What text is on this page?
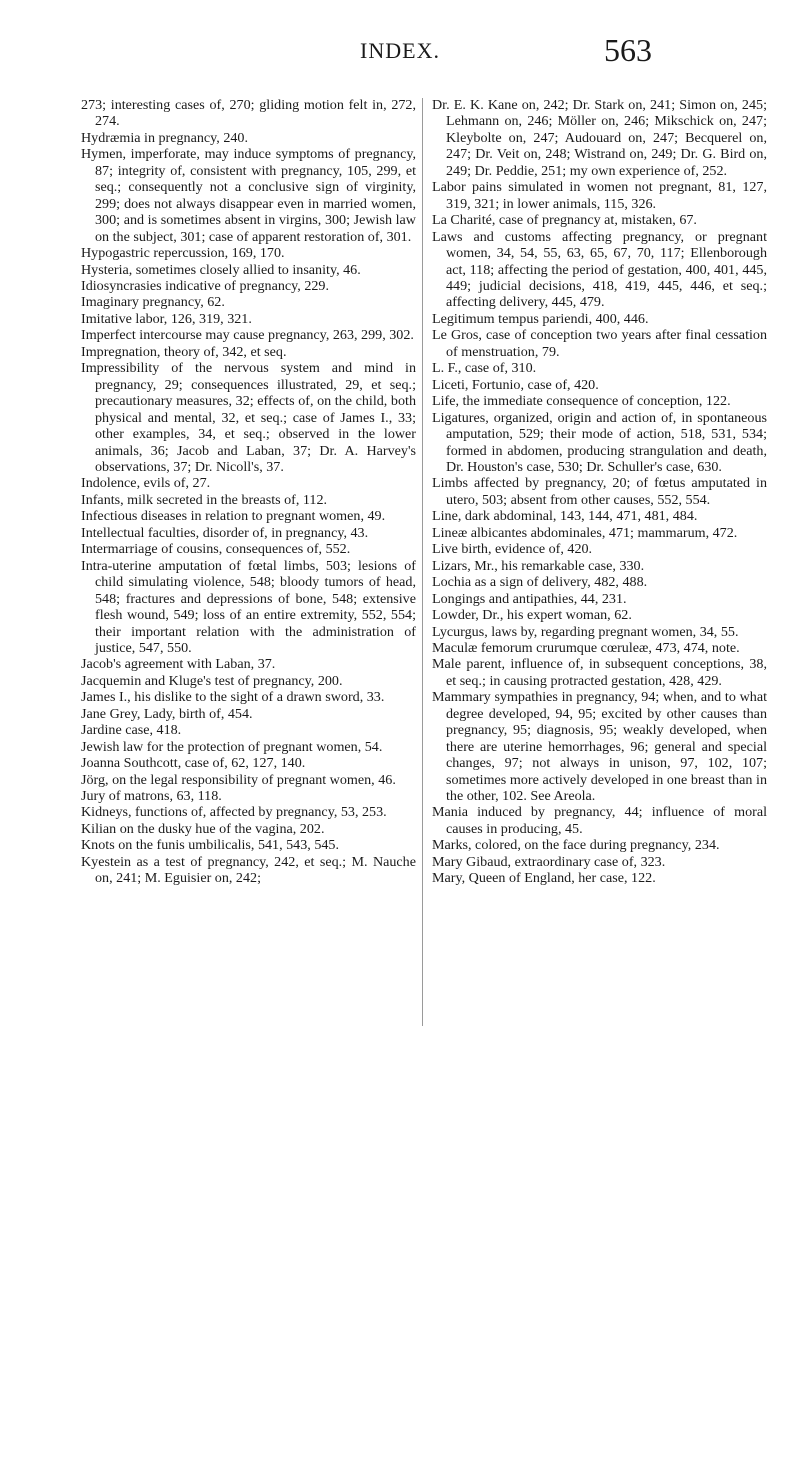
INDEX.	563

273; interesting cases of, 270; gliding motion felt in, 272, 274.

Hydræmia in pregnancy, 240.

Hymen, imperforate, may induce symptoms of pregnancy, 87; integrity of, consistent with pregnancy, 105, 299, et seq.; consequently not a conclusive sign of virginity, 299; does not always disappear even in married women, 300; and is sometimes absent in virgins, 300; Jewish law on the subject, 301; case of apparent restoration of, 301.

Hypogastric repercussion, 169, 170.

Hysteria, sometimes closely allied to insanity, 46.

Idiosyncrasies indicative of pregnancy, 229.

Imaginary pregnancy, 62.

Imitative labor, 126, 319, 321.

Imperfect intercourse may cause pregnancy, 263, 299, 302.

Impregnation, theory of, 342, et seq.

Impressibility of the nervous system and mind in pregnancy, 29; consequences illustrated, 29, et seq.; precautionary measures, 32; effects of, on the child, both physical and mental, 32, et seq.; case of James I., 33; other examples, 34, et seq.; observed in the lower animals, 36; Jacob and Laban, 37; Dr. A. Harvey's observations, 37; Dr. Nicoll's, 37.

Indolence, evils of, 27.

Infants, milk secreted in the breasts of, 112.

Infectious diseases in relation to pregnant women, 49.

Intellectual faculties, disorder of, in pregnancy, 43.

Intermarriage of cousins, consequences of, 552.

Intra-uterine amputation of fœtal limbs, 503; lesions of child simulating violence, 548; bloody tumors of head, 548; fractures and depressions of bone, 548; extensive flesh wound, 549; loss of an entire extremity, 552, 554; their important relation with the administration of justice, 547, 550.

Jacob's agreement with Laban, 37.

Jacquemin and Kluge's test of pregnancy, 200.

James I., his dislike to the sight of a drawn sword, 33.

Jane Grey, Lady, birth of, 454.

Jardine case, 418.

Jewish law for the protection of pregnant women, 54.

Joanna Southcott, case of, 62, 127, 140.

Jörg, on the legal responsibility of pregnant women, 46.

Jury of matrons, 63, 118.

Kidneys, functions of, affected by pregnancy, 53, 253.

Kilian on the dusky hue of the vagina, 202.

Knots on the funis umbilicalis, 541, 543, 545.

Kyestein as a test of pregnancy, 242, et seq.; M. Nauche on, 241; M. Eguisier on, 242;

Dr. E. K. Kane on, 242; Dr. Stark on, 241; Simon on, 245; Lehmann on, 246; Möller on, 246; Mikschick on, 247; Kleybolte on, 247; Audouard on, 247; Becquerel on, 247; Dr. Veit on, 248; Wistrand on, 249; Dr. G. Bird on, 249; Dr. Peddie, 251; my own experience of, 252.

Labor pains simulated in women not pregnant, 81, 127, 319, 321; in lower animals, 115, 326.

La Charité, case of pregnancy at, mistaken, 67.

Laws and customs affecting pregnancy, or pregnant women, 34, 54, 55, 63, 65, 67, 70, 117; Ellenborough act, 118; affecting the period of gestation, 400, 401, 445, 449; judicial decisions, 418, 419, 445, 446, et seq.; affecting delivery, 445, 479.

Legitimum tempus pariendi, 400, 446.

Le Gros, case of conception two years after final cessation of menstruation, 79.

L. F., case of, 310.

Liceti, Fortunio, case of, 420.

Life, the immediate consequence of conception, 122.

Ligatures, organized, origin and action of, in spontaneous amputation, 529; their mode of action, 518, 531, 534; formed in abdomen, producing strangulation and death, Dr. Houston's case, 530; Dr. Schuller's case, 630.

Limbs affected by pregnancy, 20; of fœtus amputated in utero, 503; absent from other causes, 552, 554.

Line, dark abdominal, 143, 144, 471, 481, 484.

Lineæ albicantes abdominales, 471; mammarum, 472.

Live birth, evidence of, 420.

Lizars, Mr., his remarkable case, 330.

Lochia as a sign of delivery, 482, 488.

Longings and antipathies, 44, 231.

Lowder, Dr., his expert woman, 62.

Lycurgus, laws by, regarding pregnant women, 34, 55.

Maculæ femorum crurumque cœruleæ, 473, 474, note.

Male parent, influence of, in subsequent conceptions, 38, et seq.; in causing protracted gestation, 428, 429.

Mammary sympathies in pregnancy, 94; when, and to what degree developed, 94, 95; excited by other causes than pregnancy, 95; diagnosis, 95; weakly developed, when there are uterine hemorrhages, 96; general and special changes, 97; not always in unison, 97, 102, 107; sometimes more actively developed in one breast than in the other, 102. See Areola.

Mania induced by pregnancy, 44; influence of moral causes in producing, 45.

Marks, colored, on the face during pregnancy, 234.

Mary Gibaud, extraordinary case of, 323.

Mary, Queen of England, her case, 122.
